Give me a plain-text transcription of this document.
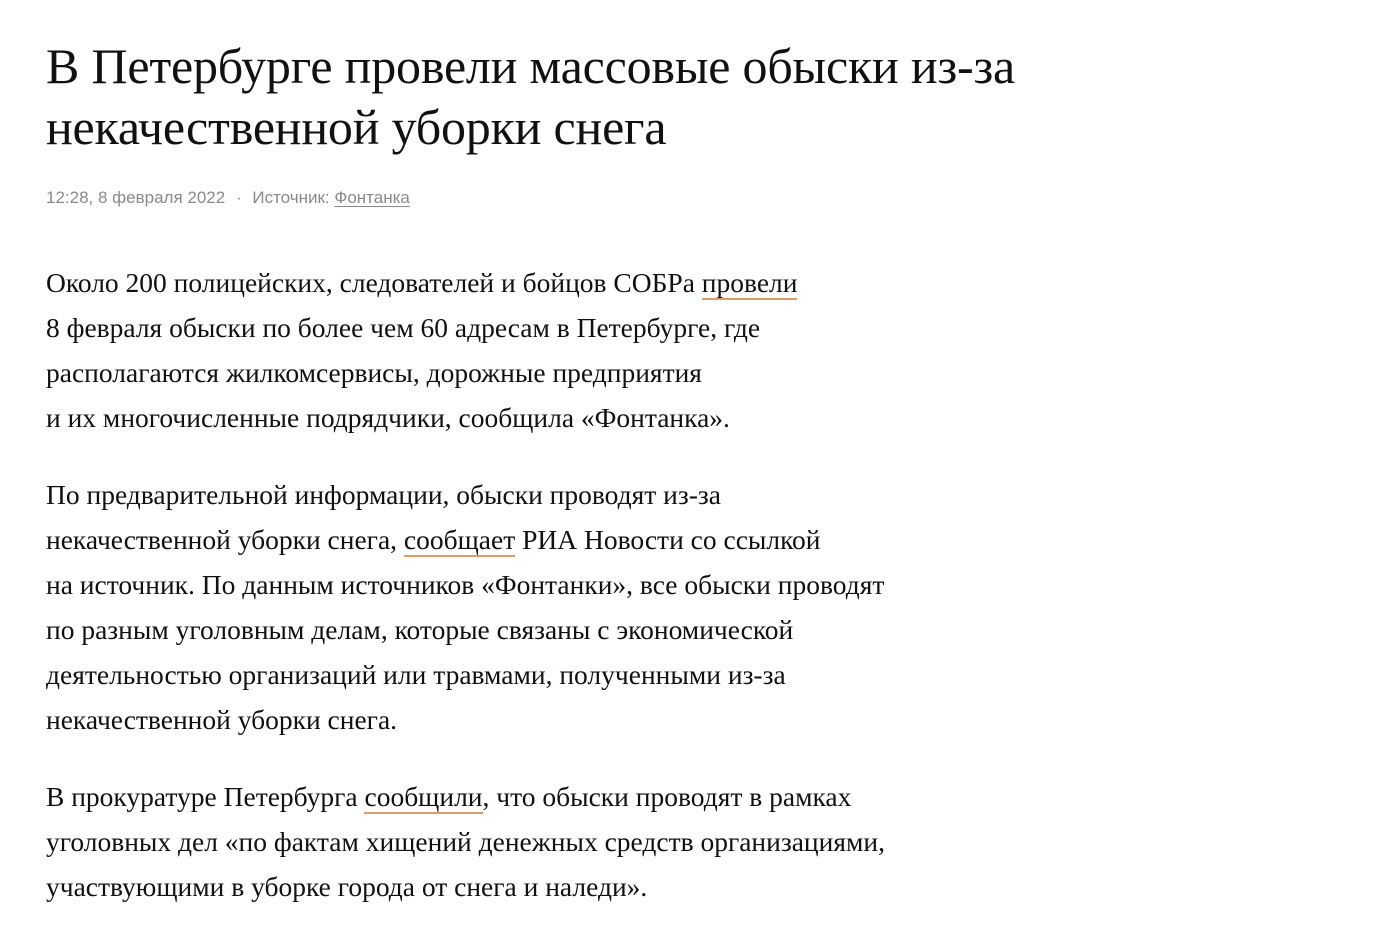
В Петербурге провели массовые обыски из-за
некачественной уборки снега
12:28, 8 февраля 2022 · Источник: Фонтанка

Около 200 полицейских, следователей и бойцов СОБРа провели
8 февраля обыски по более чем 60 адресам в Петербурге, где
располагаются жилкомсервисы, дорожные предприятия
и их многочисленные подрядчики, сообщила «Фонтанка».

По предварительной информации, обыски проводят из-за
некачественной уборки снега, сообщает РИА Новости со ссылкой
на источник. По данным источников «Фонтанки», все обыски проводят
по разным уголовным делам, которые связаны с экономической
деятельностью организаций или травмами, полученными из-за
некачественной уборки снега.

В прокуратуре Петербурга сообщили, что обыски проводят в рамках
уголовных дел «по фактам хищений денежных средств организациями,
участвующими в уборке города от снега и наледи».
